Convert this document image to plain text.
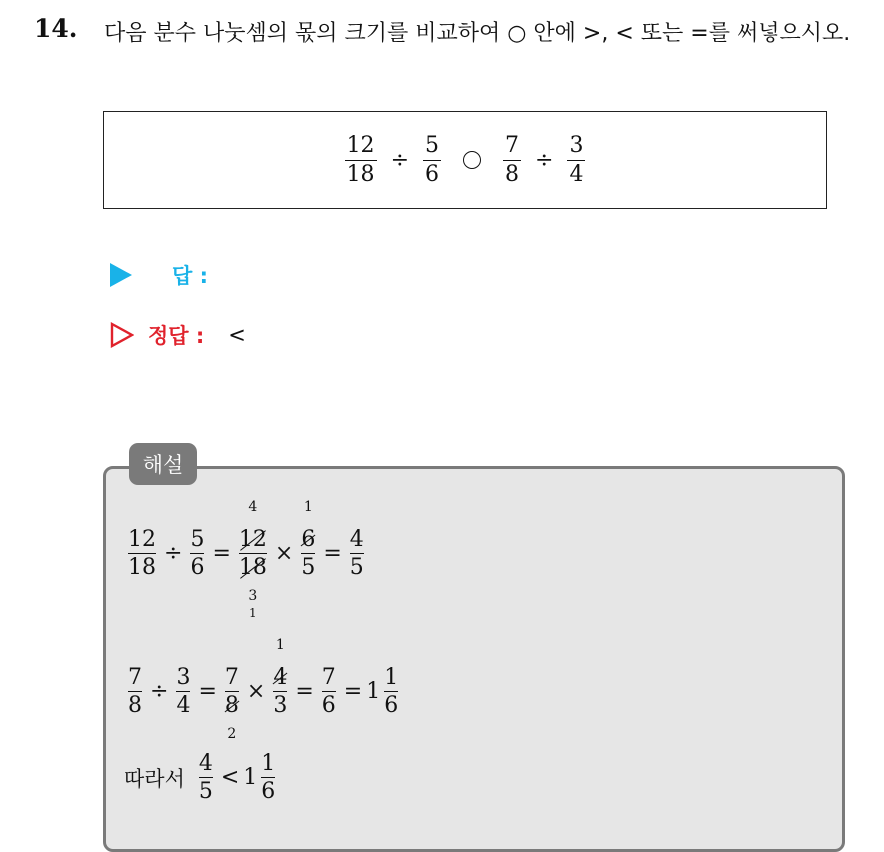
14. 다음 분수 나눗셈의 몫의 크기를 비교하여 ○ 안에 >, < 또는 =를 써넣으시오.
$\frac{12}{18} \div \frac{5}{6}$	$\frac{7}{8} \div \frac{3}{4}$
답 :
정답 : <
해설
12
18
÷
5
6
=
12
4
18
3
1
×
6
1
5
=
4
5
7
8
÷
3
4
=
7
8
2
×
4
1
3
=
7
6
= 1
1
6
따라서
4
5
< 1
1
6
